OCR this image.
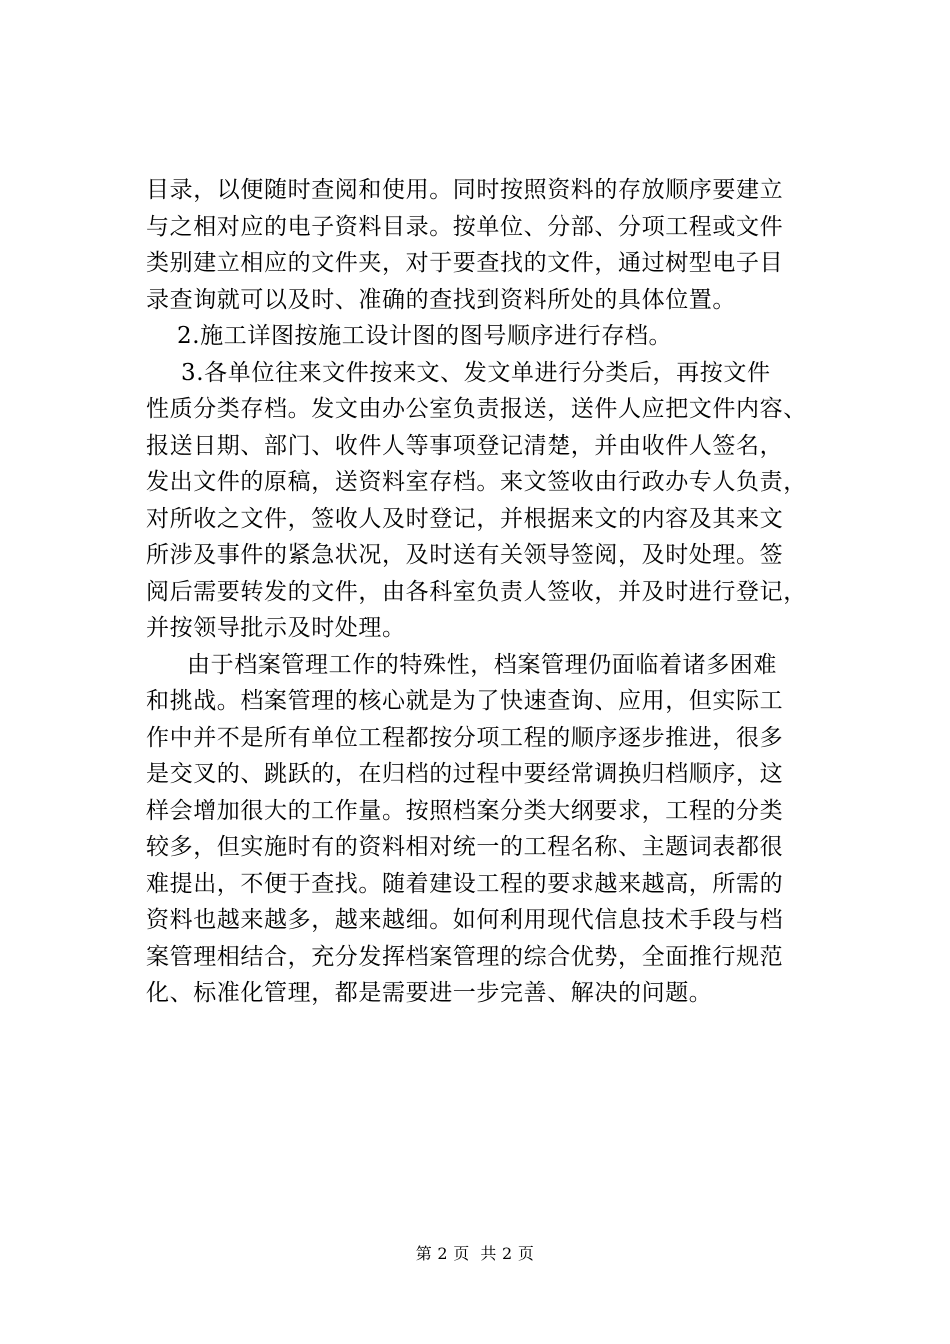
目录，以便随时查阅和使用。同时按照资料的存放顺序要建立
与之相对应的电子资料目录。按单位、分部、分项工程或文件
类别建立相应的文件夹，对于要查找的文件，通过树型电子目
录查询就可以及时、准确的查找到资料所处的具体位置。
2.施工详图按施工设计图的图号顺序进行存档。
3.各单位往来文件按来文、发文单进行分类后，再按文件
性质分类存档。发文由办公室负责报送，送件人应把文件内容、
报送日期、部门、收件人等事项登记清楚，并由收件人签名，
发出文件的原稿，送资料室存档。来文签收由行政办专人负责，
对所收之文件，签收人及时登记，并根据来文的内容及其来文
所涉及事件的紧急状况，及时送有关领导签阅，及时处理。签
阅后需要转发的文件，由各科室负责人签收，并及时进行登记，
并按领导批示及时处理。
由于档案管理工作的特殊性，档案管理仍面临着诸多困难
和挑战。档案管理的核心就是为了快速查询、应用，但实际工
作中并不是所有单位工程都按分项工程的顺序逐步推进，很多
是交叉的、跳跃的，在归档的过程中要经常调换归档顺序，这
样会增加很大的工作量。按照档案分类大纲要求，工程的分类
较多，但实施时有的资料相对统一的工程名称、主题词表都很
难提出，不便于查找。随着建设工程的要求越来越高，所需的
资料也越来越多，越来越细。如何利用现代信息技术手段与档
案管理相结合，充分发挥档案管理的综合优势，全面推行规范
化、标准化管理，都是需要进一步完善、解决的问题。
第 2 页  共 2 页
